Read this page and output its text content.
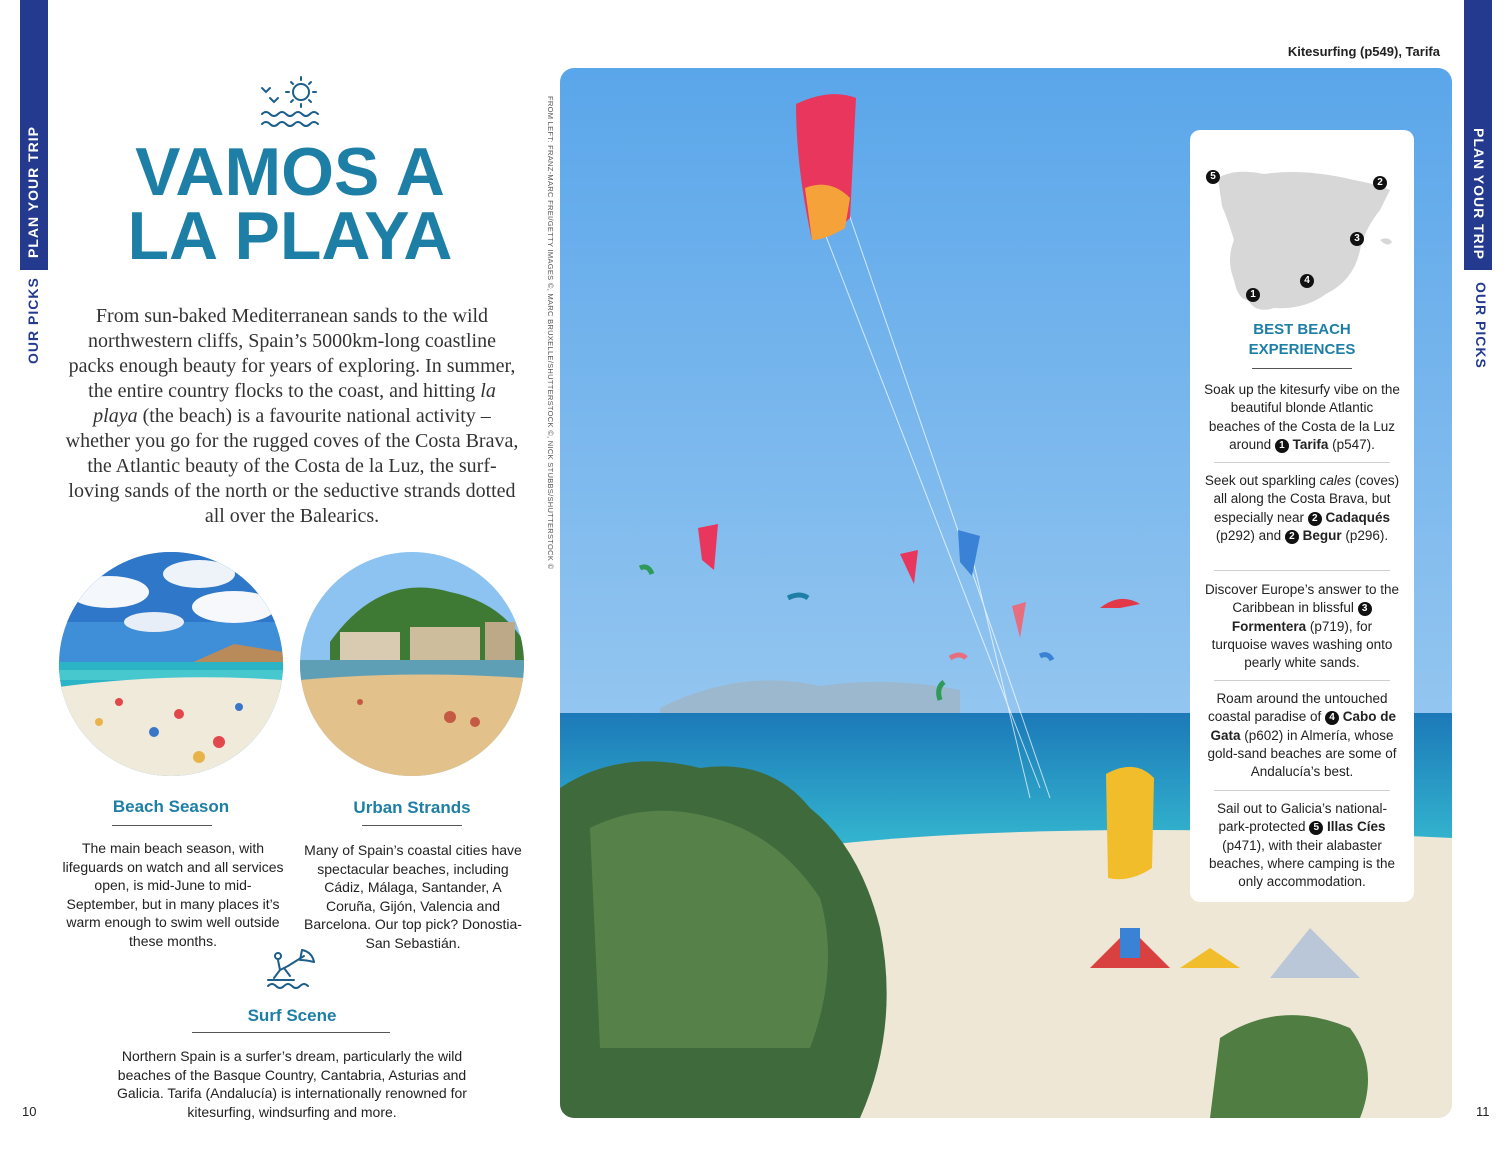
PLAN YOUR TRIP
OUR PICKS
PLAN YOUR TRIP
OUR PICKS
VAMOS A
LA PLAYA

From sun-baked Mediterranean sands to the wild northwestern cliffs, Spain’s 5000km-long coastline packs enough beauty for years of exploring. In summer, the entire country flocks to the coast, and hitting la playa (the beach) is a favourite national activity – whether you go for the rugged coves of the Costa Brava, the Atlantic beauty of the Costa de la Luz, the surf-loving sands of the north or the seductive strands dotted all over the Balearics.

Beach Season
The main beach season, with lifeguards on watch and all services open, is mid-June to mid-September, but in many places it’s warm enough to swim well outside these months.
Urban Strands
Many of Spain’s coastal cities have spectacular beaches, including Cádiz, Málaga, Santander, A Coruña, Gijón, Valencia and Barcelona. Our top pick? Donostia-San Sebastián.
Surf Scene
Northern Spain is a surfer’s dream, particularly the wild beaches of the Basque Country, Cantabria, Asturias and Galicia. Tarifa (Andalucía) is internationally renowned for kitesurfing, windsurfing and more.
10	11
Kitesurfing (p549), Tarifa
FROM LEFT: FRANZ-MARC FREI/GETTY IMAGES ©, MARC BRUXELLE/SHUTTERSTOCK ©, NICK STUBBS/SHUTTERSTOCK ©	1
2
3
4
5
BEST BEACH
EXPERIENCES
Soak up the kitesurfy vibe on the beautiful blonde Atlantic beaches of the Costa de la Luz around 1 Tarifa (p547).
Seek out sparkling cales (coves) all along the Costa Brava, but especially near 2 Cadaqués (p292) and 2 Begur (p296).
Discover Europe’s answer to the Caribbean in blissful 3 Formentera (p719), for turquoise waves washing onto pearly white sands.
Roam around the untouched coastal paradise of 4 Cabo de Gata (p602) in Almería, whose gold-sand beaches are some of Andalucía’s best.
Sail out to Galicia’s national-park-protected 5 Illas Cíes (p471), with their alabaster beaches, where camping is the only accommodation.
